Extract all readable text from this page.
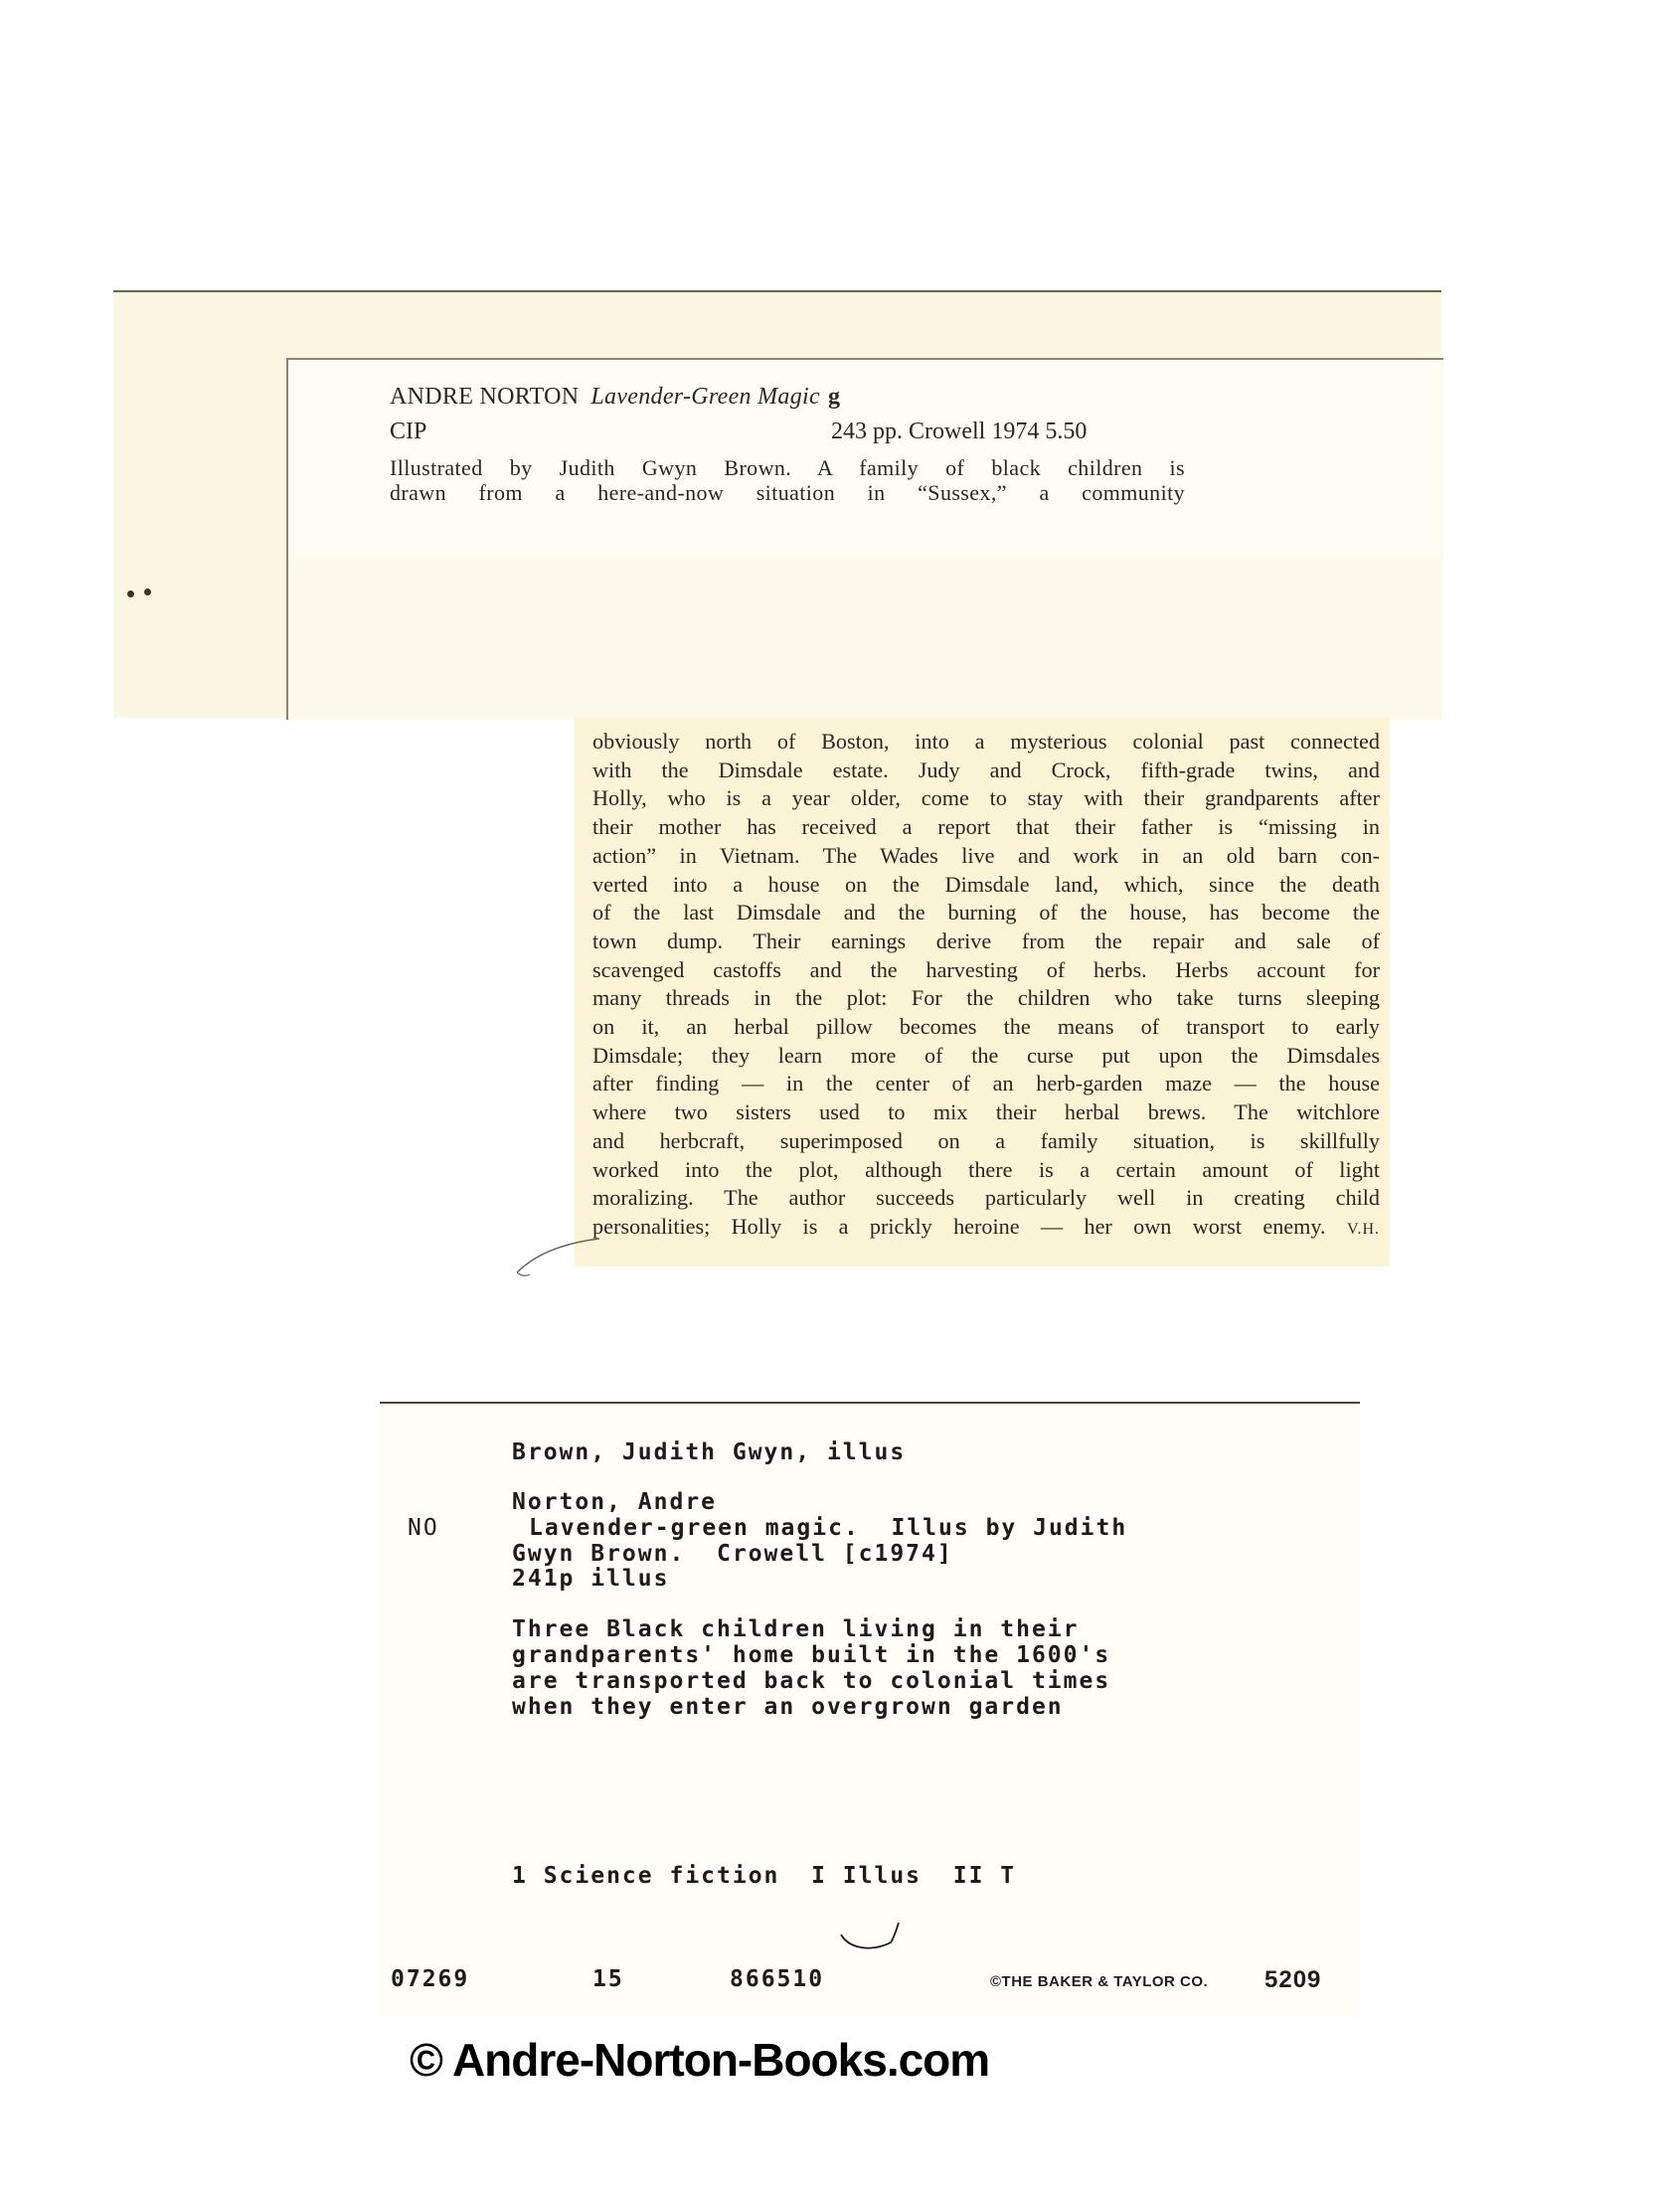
ANDRE NORTON Lavender-Green Magic g
CIP	243 pp. Crowell 1974 5.50
Illustrated by Judith Gwyn Brown. A family of black children is
drawn from a here-and-now situation in “Sussex,” a community
obviously north of Boston, into a mysterious colonial past connected
with the Dimsdale estate. Judy and Crock, fifth-grade twins, and
Holly, who is a year older, come to stay with their grandparents after
their mother has received a report that their father is “missing in
action” in Vietnam. The Wades live and work in an old barn con-
verted into a house on the Dimsdale land, which, since the death
of the last Dimsdale and the burning of the house, has become the
town dump. Their earnings derive from the repair and sale of
scavenged castoffs and the harvesting of herbs. Herbs account for
many threads in the plot: For the children who take turns sleeping
on it, an herbal pillow becomes the means of transport to early
Dimsdale; they learn more of the curse put upon the Dimsdales
after finding — in the center of an herb-garden maze — the house
where two sisters used to mix their herbal brews. The witchlore
and herbcraft, superimposed on a family situation, is skillfully
worked into the plot, although there is a certain amount of light
moralizing. The author succeeds particularly well in creating child
personalities; Holly is a prickly heroine — her own worst enemy. V.H.
Brown, Judith Gwyn, illus
Norton, Andre
NO	Lavender-green magic.  Illus by Judith
Gwyn Brown.  Crowell [c1974]
241p illus
Three Black children living in their
grandparents' home built in the 1600's
are transported back to colonial times
when they enter an overgrown garden
1 Science fiction  I Illus  II T
07269	15	866510	©THE BAKER & TAYLOR CO. 5209
© Andre-Norton-Books.com
